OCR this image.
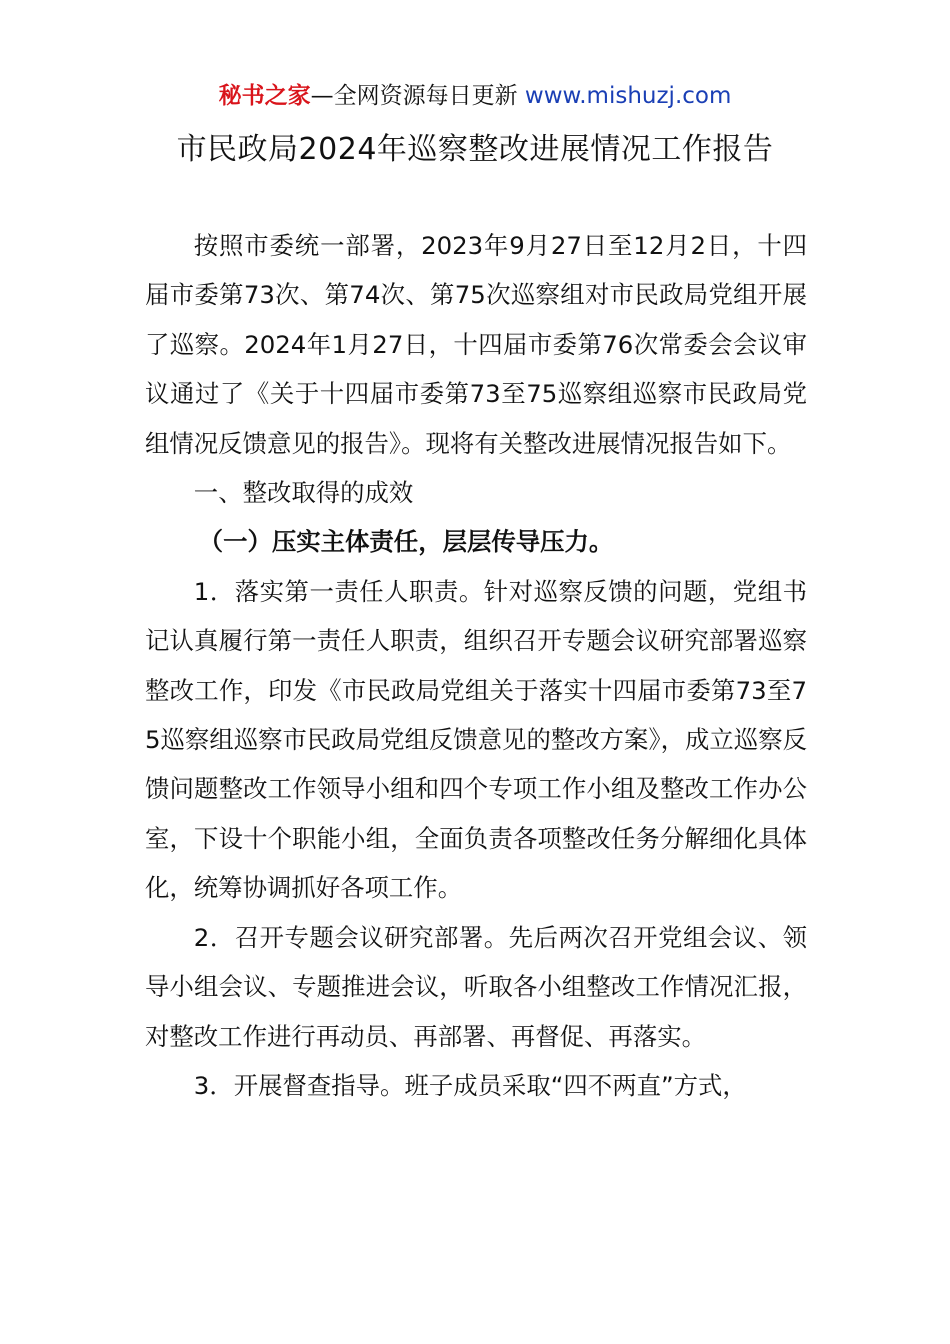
秘书之家—全网资源每日更新 www.mishuzj.com
市民政局2024年巡察整改进展情况工作报告

按照市委统一部署，2023年9月27日至12月2日，十四届市委第73次、第74次、第75次巡察组对市民政局党组开展了巡察。2024年1月27日，十四届市委第76次常委会会议审议通过了《关于十四届市委第73至75巡察组巡察市民政局党组情况反馈意见的报告》。现将有关整改进展情况报告如下。

一、整改取得的成效

（一）压实主体责任，层层传导压力。

1．落实第一责任人职责。针对巡察反馈的问题，党组书记认真履行第一责任人职责，组织召开专题会议研究部署巡察整改工作，印发《市民政局党组关于落实十四届市委第73至75巡察组巡察市民政局党组反馈意见的整改方案》，成立巡察反馈问题整改工作领导小组和四个专项工作小组及整改工作办公室，下设十个职能小组，全面负责各项整改任务分解细化具体化，统筹协调抓好各项工作。

2．召开专题会议研究部署。先后两次召开党组会议、领导小组会议、专题推进会议，听取各小组整改工作情况汇报，对整改工作进行再动员、再部署、再督促、再落实。

3．开展督查指导。班子成员采取“四不两直”方式，
